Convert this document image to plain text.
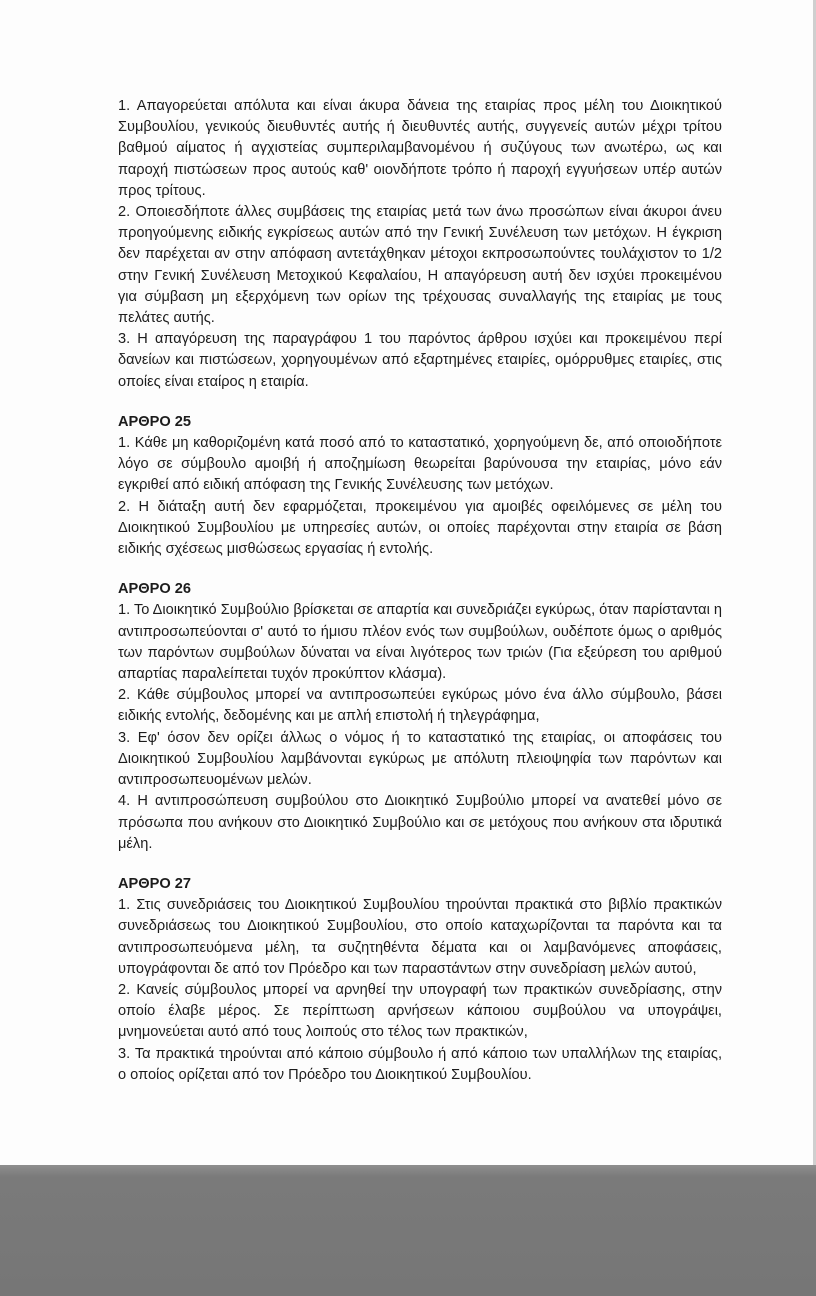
1. Απαγορεύεται απόλυτα και είναι άκυρα δάνεια της εταιρίας προς μέλη του Διοικητικού Συμβουλίου, γενικούς διευθυντές αυτής ή διευθυντές αυτής, συγγενείς αυτών μέχρι τρίτου βαθμού αίματος ή αγχιστείας συμπεριλαμβανομένου ή συζύγους των ανωτέρω, ως και παροχή πιστώσεων προς αυτούς καθ' οιονδήποτε τρόπο ή παροχή εγγυήσεων υπέρ αυτών προς τρίτους.

2. Οποιεσδήποτε άλλες συμβάσεις της εταιρίας μετά των άνω προσώπων είναι άκυροι άνευ προηγούμενης ειδικής εγκρίσεως αυτών από την Γενική Συνέλευση των μετόχων. Η έγκριση δεν παρέχεται αν στην απόφαση αντετάχθηκαν μέτοχοι εκπροσωπούντες τουλάχιστον το 1/2 στην Γενική Συνέλευση Μετοχικού Κεφαλαίου, Η απαγόρευση αυτή δεν ισχύει προκειμένου για σύμβαση μη εξερχόμενη των ορίων της τρέχουσας συναλλαγής της εταιρίας με τους πελάτες αυτής.

3. Η απαγόρευση της παραγράφου 1 του παρόντος άρθρου ισχύει και προκειμένου περί δανείων και πιστώσεων, χορηγουμένων από εξαρτημένες εταιρίες, ομόρρυθμες εταιρίες, στις οποίες είναι εταίρος η εταιρία.

ΑΡΘΡΟ 25

1. Κάθε μη καθοριζομένη κατά ποσό από το καταστατικό, χορηγούμενη δε, από οποιοδήποτε λόγο σε σύμβουλο αμοιβή ή αποζημίωση θεωρείται βαρύνουσα την εταιρίας, μόνο εάν εγκριθεί από ειδική απόφαση της Γενικής Συνέλευσης των μετόχων.

2. Η διάταξη αυτή δεν εφαρμόζεται, προκειμένου για αμοιβές οφειλόμενες σε μέλη του Διοικητικού Συμβουλίου με υπηρεσίες αυτών, οι οποίες παρέχονται στην εταιρία σε βάση ειδικής σχέσεως μισθώσεως εργασίας ή εντολής.

ΑΡΘΡΟ 26

1. Το Διοικητικό Συμβούλιο βρίσκεται σε απαρτία και συνεδριάζει εγκύρως, όταν παρίστανται η αντιπροσωπεύονται σ' αυτό το ήμισυ πλέον ενός των συμβούλων, ουδέποτε όμως ο αριθμός των παρόντων συμβούλων δύναται να είναι λιγότερος των τριών (Για εξεύρεση του αριθμού απαρτίας παραλείπεται τυχόν προκύπτον κλάσμα).

2. Κάθε σύμβουλος μπορεί να αντιπροσωπεύει εγκύρως μόνο ένα άλλο σύμβουλο, βάσει ειδικής εντολής, δεδομένης και με απλή επιστολή ή τηλεγράφημα,

3. Εφ' όσον δεν ορίζει άλλως ο νόμος ή το καταστατικό της εταιρίας, οι αποφάσεις του Διοικητικού Συμβουλίου λαμβάνονται εγκύρως με απόλυτη πλειοψηφία των παρόντων και αντιπροσωπευομένων μελών.

4. Η αντιπροσώπευση συμβούλου στο Διοικητικό Συμβούλιο μπορεί να ανατεθεί μόνο σε πρόσωπα που ανήκουν στο Διοικητικό Συμβούλιο και σε μετόχους που ανήκουν στα ιδρυτικά μέλη.

ΑΡΘΡΟ 27

1. Στις συνεδριάσεις του Διοικητικού Συμβουλίου τηρούνται πρακτικά στο βιβλίο πρακτικών συνεδριάσεως του Διοικητικού Συμβουλίου, στο οποίο καταχωρίζονται τα παρόντα και τα αντιπροσωπευόμενα μέλη, τα συζητηθέντα δέματα και οι λαμβανόμενες αποφάσεις, υπογράφονται δε από τον Πρόεδρο και των παραστάντων στην συνεδρίαση μελών αυτού,

2. Κανείς σύμβουλος μπορεί να αρνηθεί την υπογραφή των πρακτικών συνεδρίασης, στην οποίο έλαβε μέρος. Σε περίπτωση αρνήσεων κάποιου συμβούλου να υπογράψει, μνημονεύεται αυτό από τους λοιπούς στο τέλος των πρακτικών,

3. Τα πρακτικά τηρούνται από κάποιο σύμβουλο ή από κάποιο των υπαλλήλων της εταιρίας, ο οποίος ορίζεται από τον Πρόεδρο του Διοικητικού Συμβουλίου.
